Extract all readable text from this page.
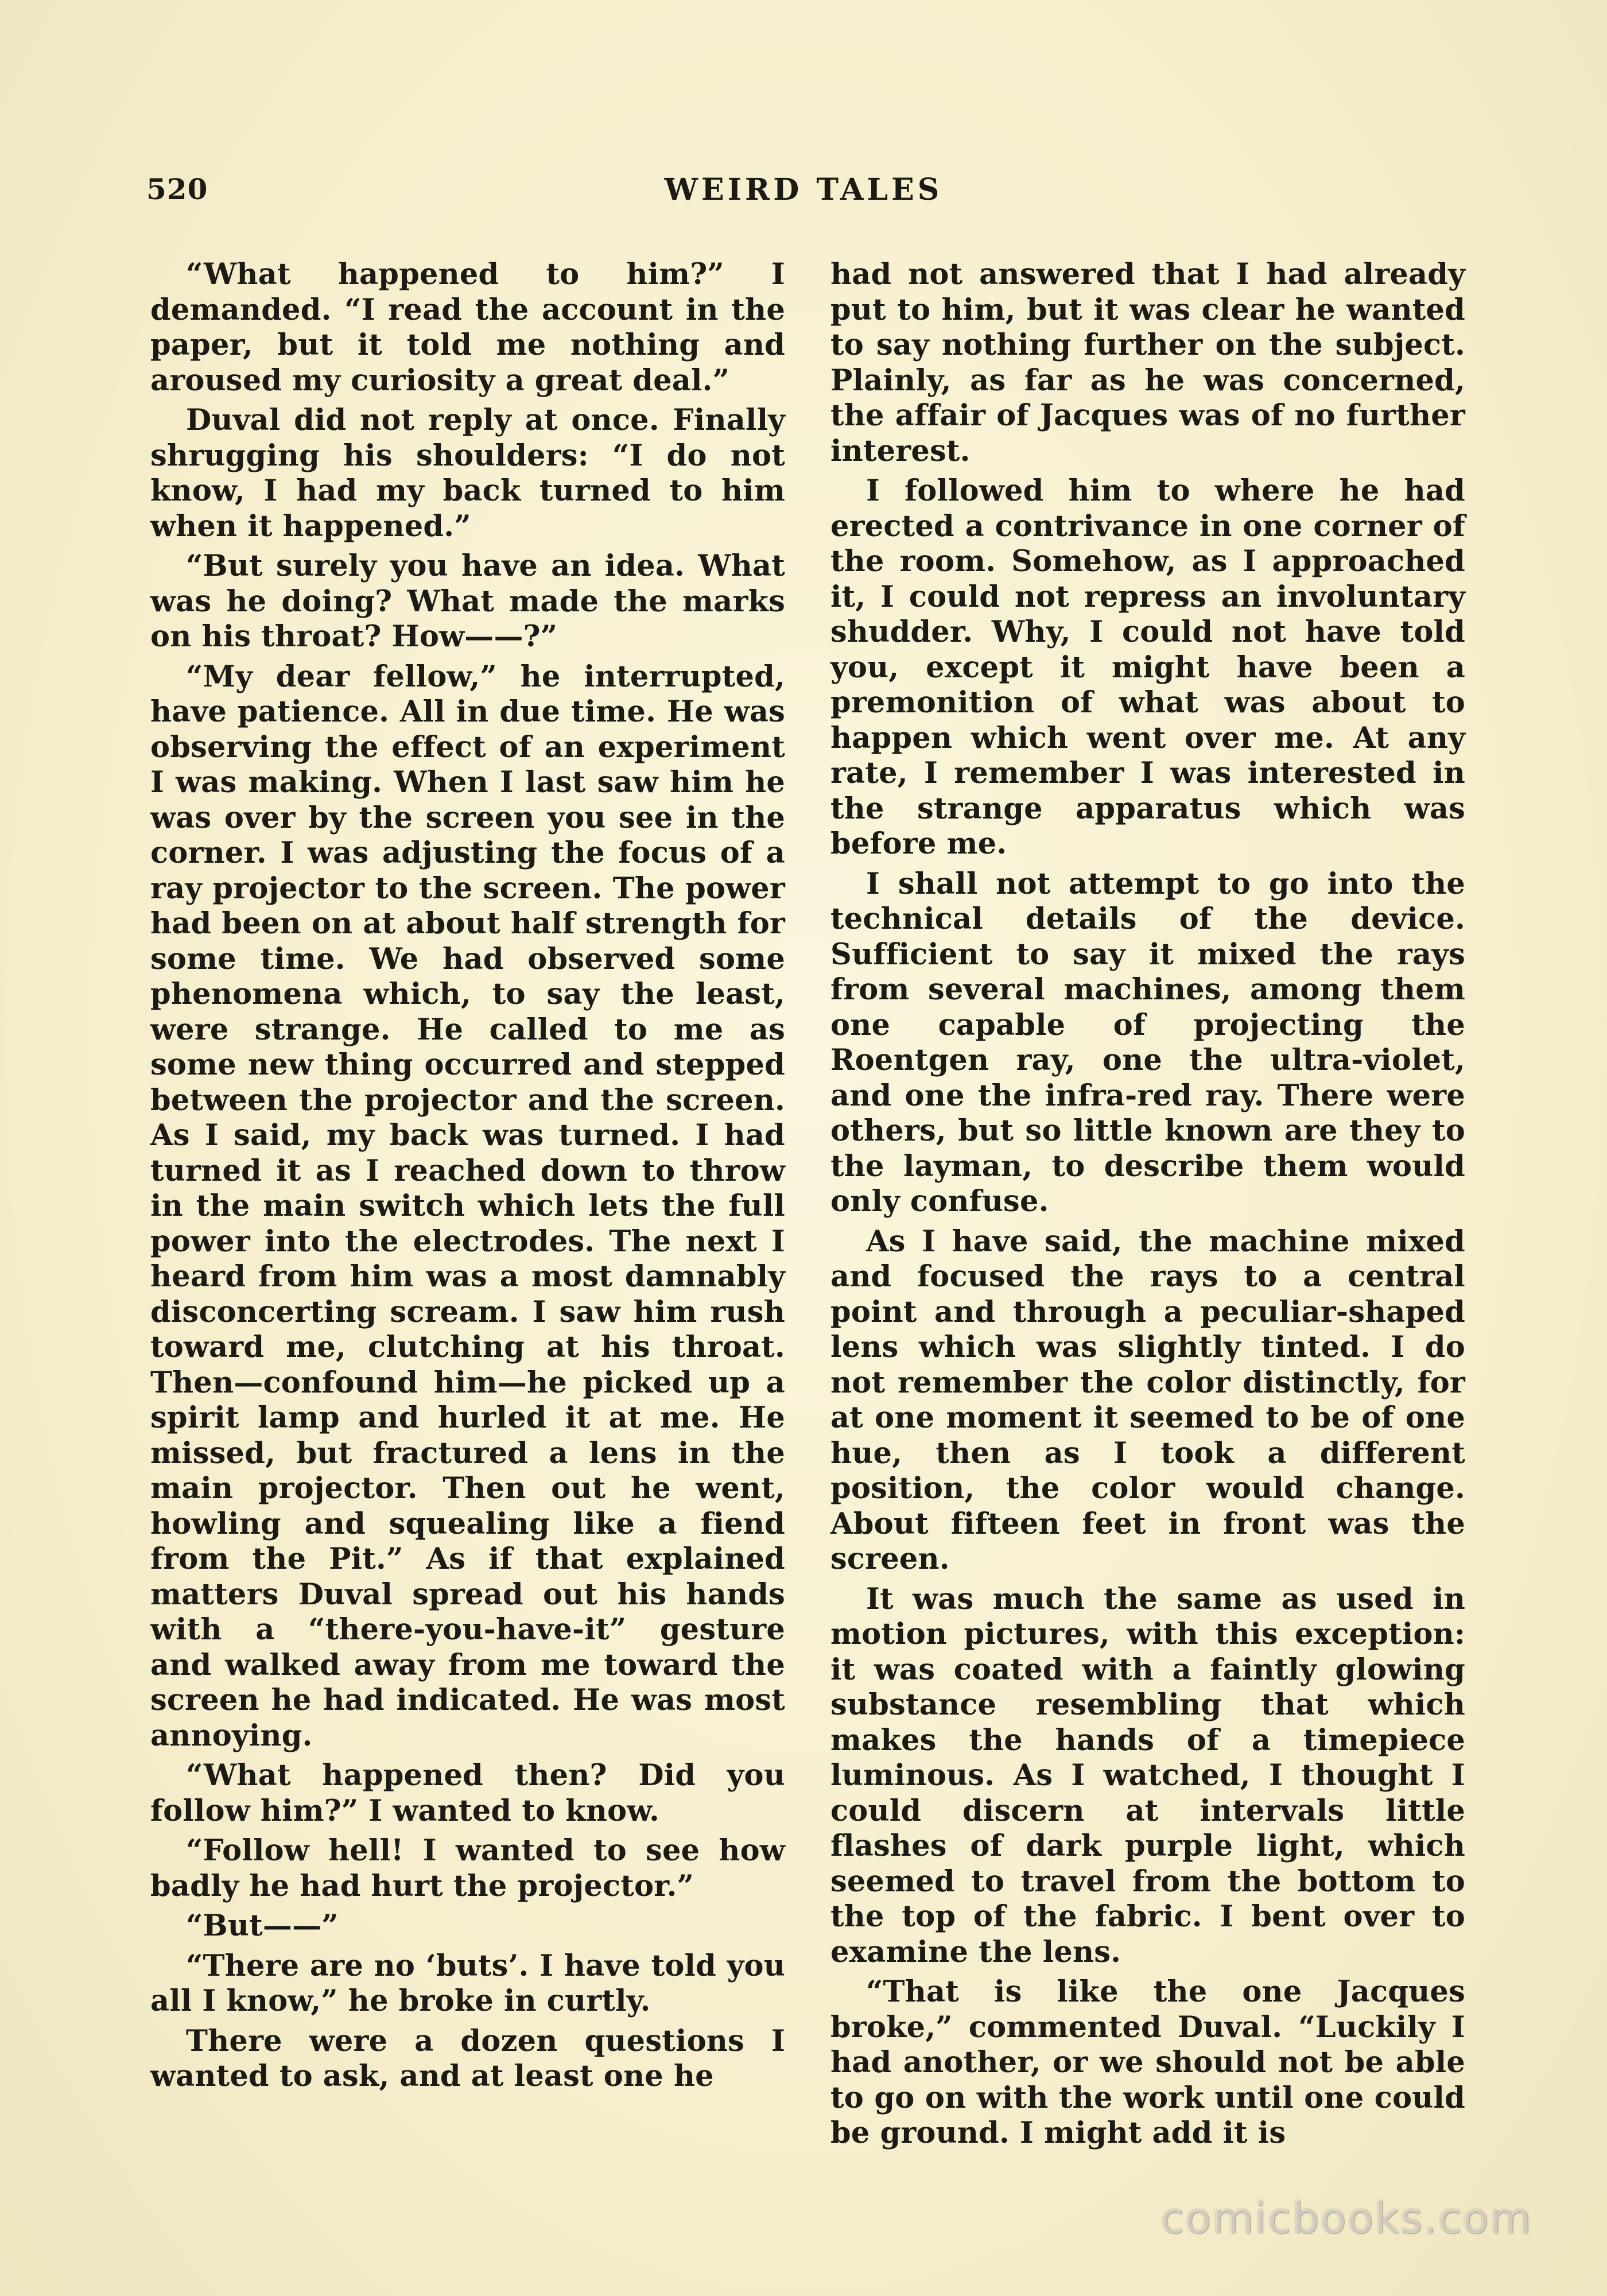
520	WEIRD TALES

“What happened to him?” I demanded. “I read the account in the paper, but it told me nothing and aroused my curiosity a great deal.”

Duval did not reply at once. Finally shrugging his shoulders: “I do not know, I had my back turned to him when it happened.”

“But surely you have an idea. What was he doing? What made the marks on his throat? How——?”

“My dear fellow,” he interrupted, have patience. All in due time. He was observing the effect of an experiment I was making. When I last saw him he was over by the screen you see in the corner. I was adjusting the focus of a ray projector to the screen. The power had been on at about half strength for some time. We had observed some phenomena which, to say the least, were strange. He called to me as some new thing occurred and stepped between the projector and the screen. As I said, my back was turned. I had turned it as I reached down to throw in the main switch which lets the full power into the electrodes. The next I heard from him was a most damnably disconcerting scream. I saw him rush toward me, clutching at his throat. Then—confound him—he picked up a spirit lamp and hurled it at me. He missed, but fractured a lens in the main projector. Then out he went, howling and squealing like a fiend from the Pit.” As if that explained matters Duval spread out his hands with a “there-you-have-it” gesture and walked away from me toward the screen he had indicated. He was most annoying.

“What happened then? Did you follow him?” I wanted to know.

“Follow hell! I wanted to see how badly he had hurt the projector.”

“But——”

“There are no ‘buts’. I have told you all I know,” he broke in curtly.

There were a dozen questions I wanted to ask, and at least one he

had not answered that I had already put to him, but it was clear he wanted to say nothing further on the subject. Plainly, as far as he was concerned, the affair of Jacques was of no further interest.

I followed him to where he had erected a contrivance in one corner of the room. Somehow, as I approached it, I could not repress an involuntary shudder. Why, I could not have told you, except it might have been a premonition of what was about to happen which went over me. At any rate, I remember I was interested in the strange apparatus which was before me.

I shall not attempt to go into the technical details of the device. Sufficient to say it mixed the rays from several machines, among them one capable of projecting the Roentgen ray, one the ultra-violet, and one the infra-red ray. There were others, but so little known are they to the layman, to describe them would only confuse.

As I have said, the machine mixed and focused the rays to a central point and through a peculiar-shaped lens which was slightly tinted. I do not remember the color distinctly, for at one moment it seemed to be of one hue, then as I took a different position, the color would change. About fifteen feet in front was the screen.

It was much the same as used in motion pictures, with this exception: it was coated with a faintly glowing substance resembling that which makes the hands of a timepiece luminous. As I watched, I thought I could discern at intervals little flashes of dark purple light, which seemed to travel from the bottom to the top of the fabric. I bent over to examine the lens.

“That is like the one Jacques broke,” commented Duval. “Luckily I had another, or we should not be able to go on with the work until one could be ground. I might add it is

comicbooks.com
